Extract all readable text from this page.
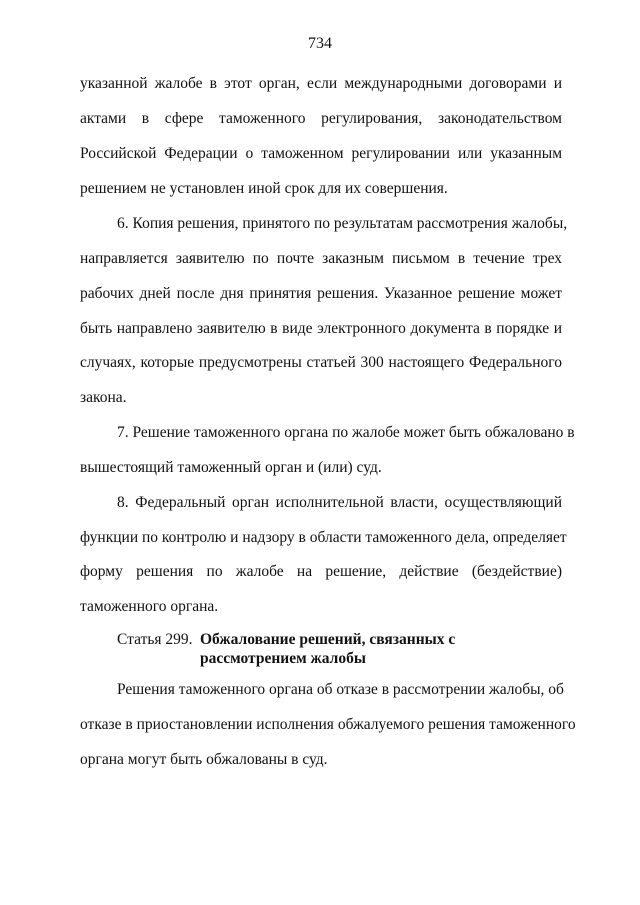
734
указанной жалобе в этот орган, если международными договорами и
актами в сфере таможенного регулирования, законодательством
Российской Федерации о таможенном регулировании или указанным
решением не установлен иной срок для их совершения.
6. Копия решения, принятого по результатам рассмотрения жалобы,
направляется заявителю по почте заказным письмом в течение трех
рабочих дней после дня принятия решения. Указанное решение может
быть направлено заявителю в виде электронного документа в порядке и
случаях, которые предусмотрены статьей 300 настоящего Федерального
закона.
7. Решение таможенного органа по жалобе может быть обжаловано в
вышестоящий таможенный орган и (или) суд.
8. Федеральный орган исполнительной власти, осуществляющий
функции по контролю и надзору в области таможенного дела, определяет
форму решения по жалобе на решение, действие (бездействие)
таможенного органа.
Статья 299. Обжалование решений, связанных с рассмотрением жалобы
Решения таможенного органа об отказе в рассмотрении жалобы, об
отказе в приостановлении исполнения обжалуемого решения таможенного
органа могут быть обжалованы в суд.
